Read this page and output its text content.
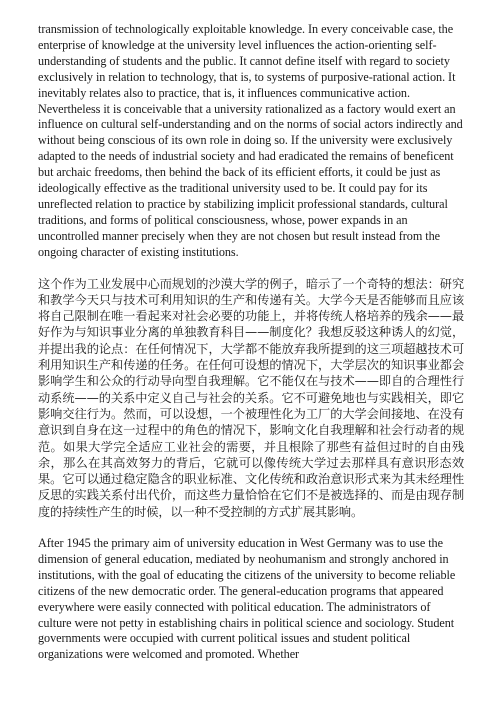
transmission of technologically exploitable knowledge. In every conceivable case, the enterprise of knowledge at the university level influences the action-orienting self-understanding of students and the public. It cannot define itself with regard to society exclusively in relation to technology, that is, to systems of purposive-rational action. It inevitably relates also to practice, that is, it influences communicative action. Nevertheless it is conceivable that a university rationalized as a factory would exert an influence on cultural self-understanding and on the norms of social actors indirectly and without being conscious of its own role in doing so. If the university were exclusively adapted to the needs of industrial society and had eradicated the remains of beneficent but archaic freedoms, then behind the back of its efficient efforts, it could be just as ideologically effective as the traditional university used to be. It could pay for its unreflected relation to practice by stabilizing implicit professional standards, cultural traditions, and forms of political consciousness, whose, power expands in an uncontrolled manner precisely when they are not chosen but result instead from the ongoing character of existing institutions.

这个作为工业发展中心而规划的沙漠大学的例子，暗示了一个奇特的想法：研究和教学今天只与技术可利用知识的生产和传递有关。大学今天是否能够而且应该将自己限制在唯一看起来对社会必要的功能上，并将传统人格培养的残余——最好作为与知识事业分离的单独教育科目——制度化？我想反驳这种诱人的幻觉，并提出我的论点：在任何情况下，大学都不能放弃我所提到的这三项超越技术可利用知识生产和传递的任务。在任何可设想的情况下，大学层次的知识事业都会影响学生和公众的行动导向型自我理解。它不能仅在与技术——即自的合理性行动系统——的关系中定义自己与社会的关系。它不可避免地也与实践相关，即它影响交往行为。然而，可以设想，一个被理性化为工厂的大学会间接地、在没有意识到自身在这一过程中的角色的情况下，影响文化自我理解和社会行动者的规范。如果大学完全适应工业社会的需要，并且根除了那些有益但过时的自由残余，那么在其高效努力的背后，它就可以像传统大学过去那样具有意识形态效果。它可以通过稳定隐含的职业标准、文化传统和政治意识形式来为其未经理性反思的实践关系付出代价，而这些力量恰恰在它们不是被选择的、而是由现存制度的持续性产生的时候，以一种不受控制的方式扩展其影响。

After 1945 the primary aim of university education in West Germany was to use the dimension of general education, mediated by neohumanism and strongly anchored in institutions, with the goal of educating the citizens of the university to become reliable citizens of the new democratic order. The general-education programs that appeared everywhere were easily connected with political education. The administrators of culture were not petty in establishing chairs in political science and sociology. Student governments were occupied with current political issues and student political organizations were welcomed and promoted. Whether
